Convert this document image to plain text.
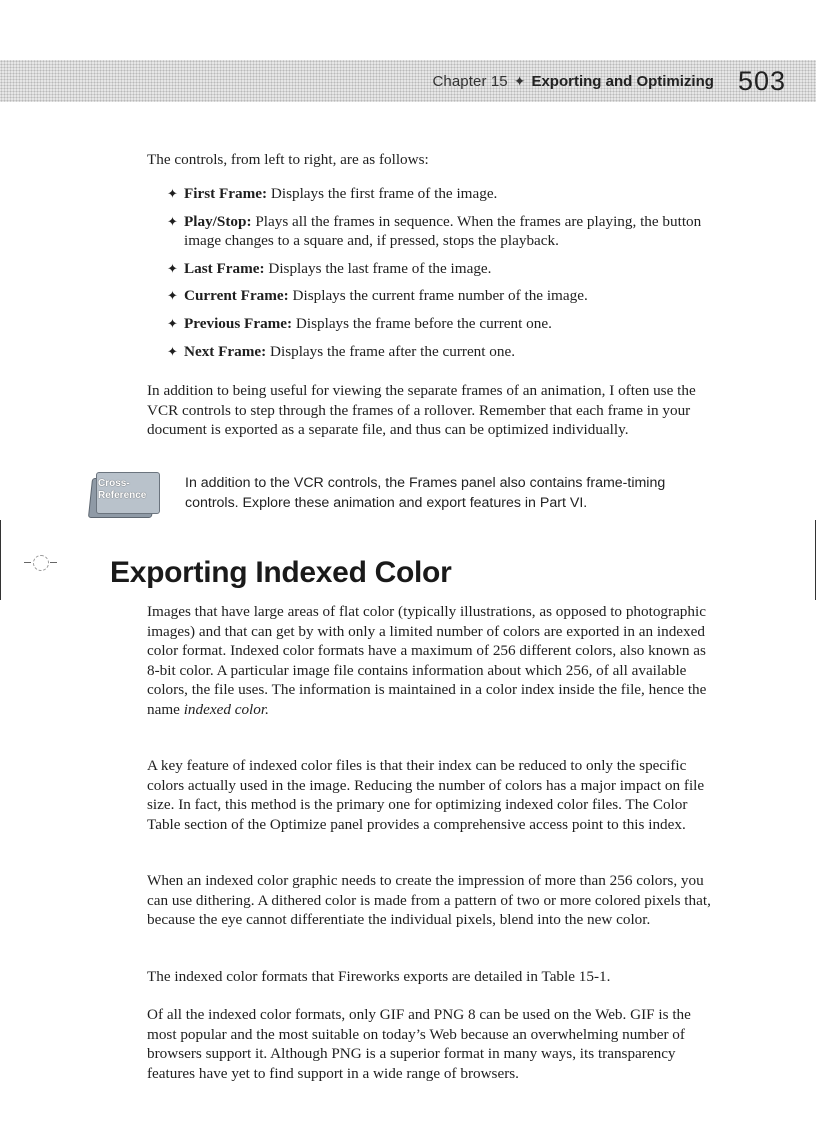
Chapter 15 ✦ Exporting and Optimizing 503

The controls, from left to right, are as follows:

✦ First Frame: Displays the first frame of the image.
✦ Play/Stop: Plays all the frames in sequence. When the frames are playing, the button image changes to a square and, if pressed, stops the playback.
✦ Last Frame: Displays the last frame of the image.
✦ Current Frame: Displays the current frame number of the image.
✦ Previous Frame: Displays the frame before the current one.
✦ Next Frame: Displays the frame after the current one.

In addition to being useful for viewing the separate frames of an animation, I often use the VCR controls to step through the frames of a rollover. Remember that each frame in your document is exported as a separate file, and thus can be optimized individually.

Cross-
Reference
In addition to the VCR controls, the Frames panel also contains frame-timing controls. Explore these animation and export features in Part VI.
Exporting Indexed Color

Images that have large areas of flat color (typically illustrations, as opposed to photographic images) and that can get by with only a limited number of colors are exported in an indexed color format. Indexed color formats have a maximum of 256 different colors, also known as 8-bit color. A particular image file contains information about which 256, of all available colors, the file uses. The information is maintained in a color index inside the file, hence the name indexed color.

A key feature of indexed color files is that their index can be reduced to only the specific colors actually used in the image. Reducing the number of colors has a major impact on file size. In fact, this method is the primary one for optimizing indexed color files. The Color Table section of the Optimize panel provides a comprehensive access point to this index.

When an indexed color graphic needs to create the impression of more than 256 colors, you can use dithering. A dithered color is made from a pattern of two or more colored pixels that, because the eye cannot differentiate the individual pixels, blend into the new color.

The indexed color formats that Fireworks exports are detailed in Table 15-1.

Of all the indexed color formats, only GIF and PNG 8 can be used on the Web. GIF is the most popular and the most suitable on today’s Web because an overwhelming number of browsers support it. Although PNG is a superior format in many ways, its transparency features have yet to find support in a wide range of browsers.
